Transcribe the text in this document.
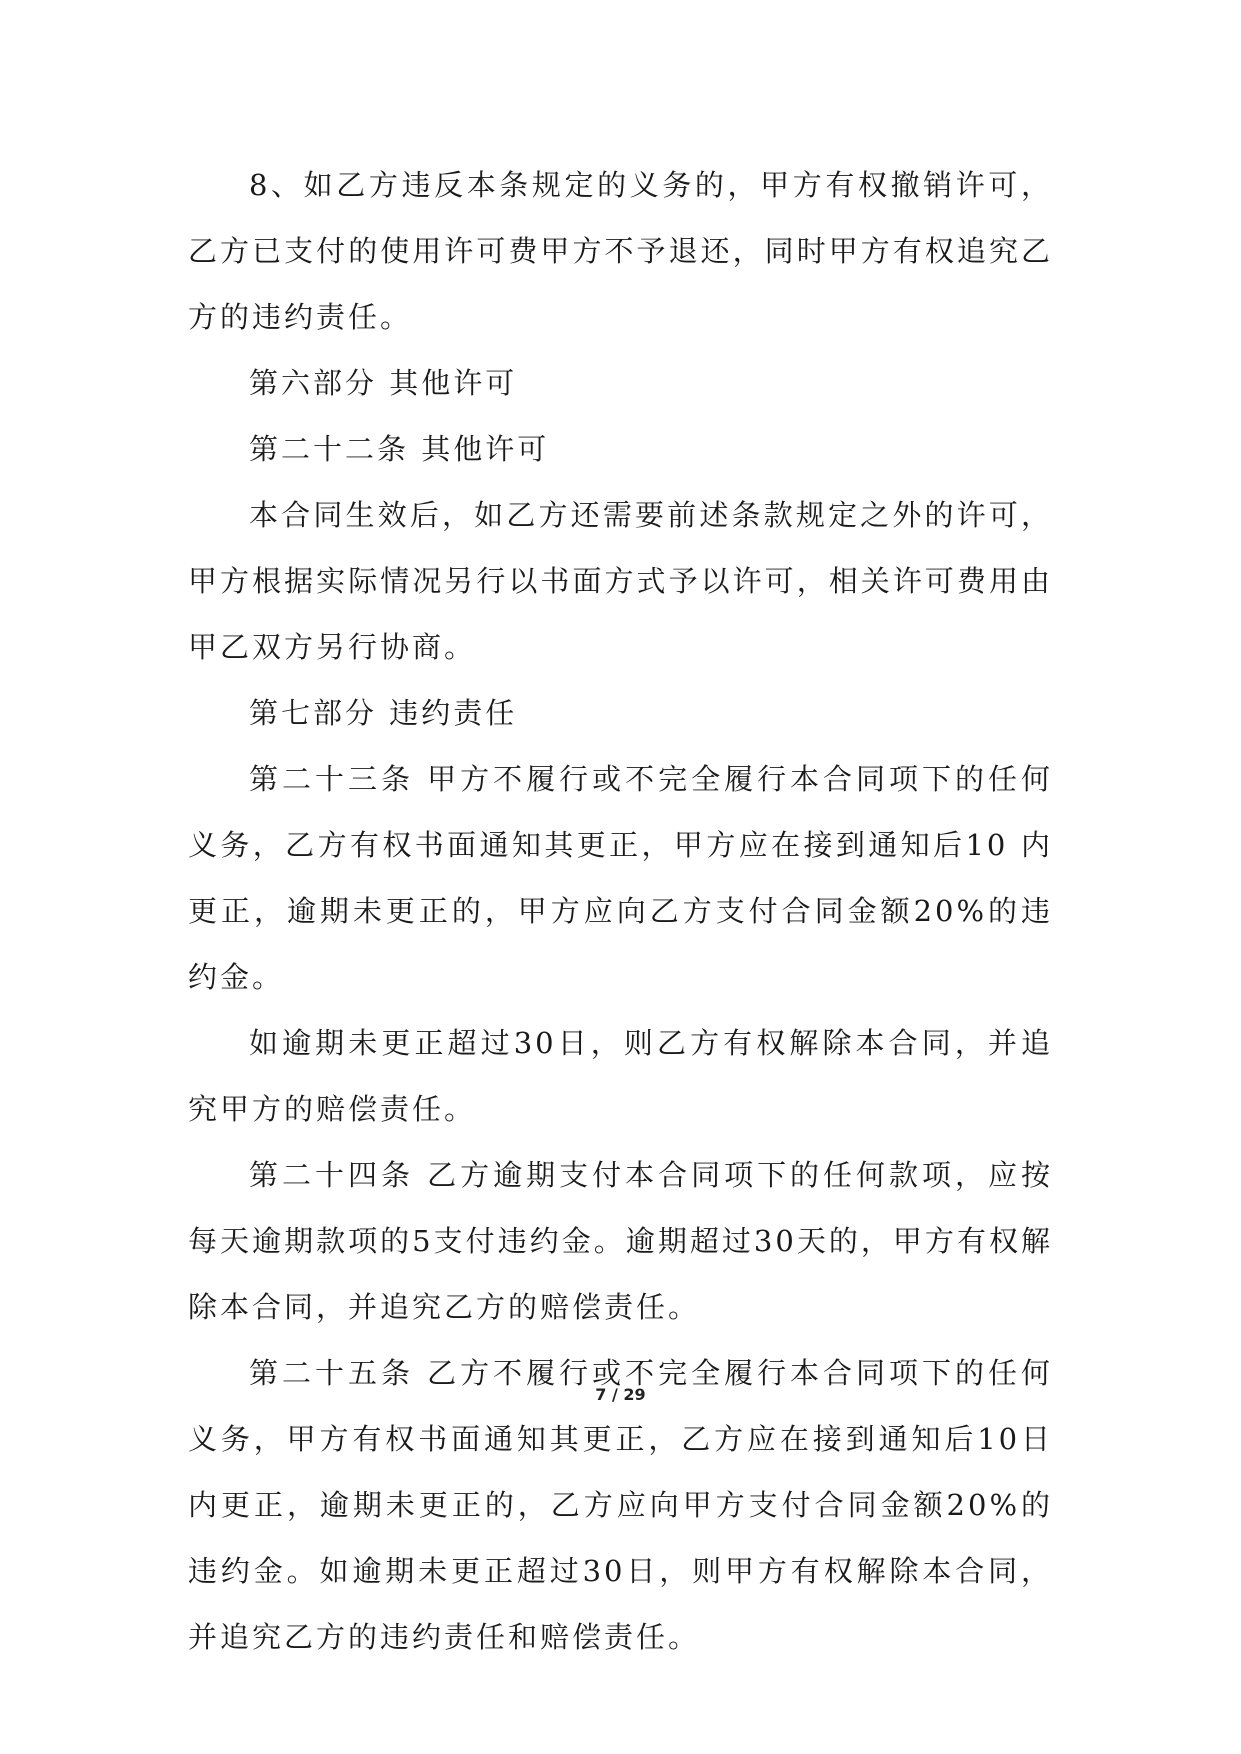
8、如乙方违反本条规定的义务的，甲方有权撤销许可，乙方已支付的使用许可费甲方不予退还，同时甲方有权追究乙方的违约责任。

第六部分 其他许可

第二十二条 其他许可

本合同生效后，如乙方还需要前述条款规定之外的许可，甲方根据实际情况另行以书面方式予以许可，相关许可费用由甲乙双方另行协商。

第七部分 违约责任

第二十三条 甲方不履行或不完全履行本合同项下的任何义务，乙方有权书面通知其更正，甲方应在接到通知后10 内更正，逾期未更正的，甲方应向乙方支付合同金额20%的违约金。

如逾期未更正超过30日，则乙方有权解除本合同，并追究甲方的赔偿责任。

第二十四条 乙方逾期支付本合同项下的任何款项，应按每天逾期款项的5支付违约金。逾期超过30天的，甲方有权解除本合同，并追究乙方的赔偿责任。

第二十五条 乙方不履行或不完全履行本合同项下的任何义务，甲方有权书面通知其更正，乙方应在接到通知后10日内更正，逾期未更正的，乙方应向甲方支付合同金额20%的违约金。如逾期未更正超过30日，则甲方有权解除本合同，并追究乙方的违约责任和赔偿责任。

7 / 29
